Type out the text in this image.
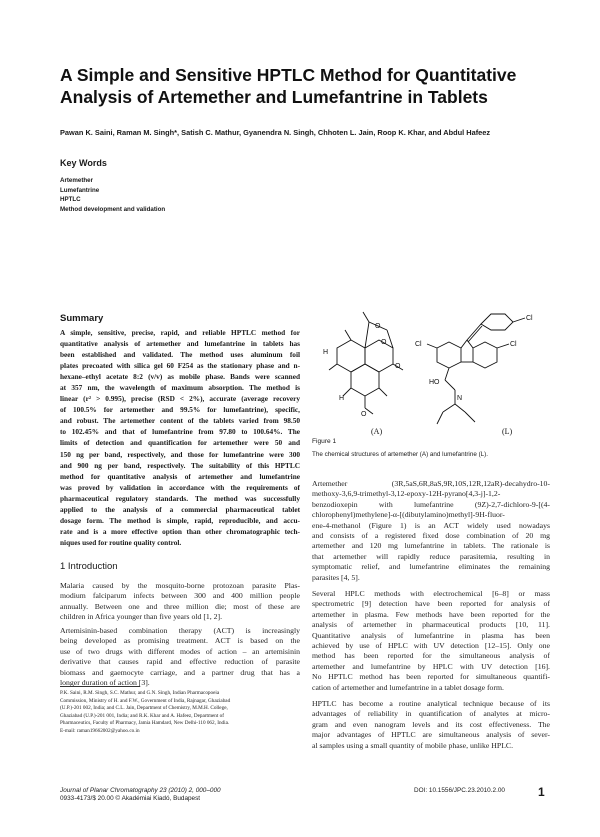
A Simple and Sensitive HPTLC Method for Quantitative
Analysis of Artemether and Lumefantrine in Tablets
Pawan K. Saini, Raman M. Singh*, Satish C. Mathur, Gyanendra N. Singh, Chhoten L. Jain, Roop K. Khar, and Abdul Hafeez
Key Words
Artemether
Lumefantrine
HPTLC
Method development and validation
Summary
A simple, sensitive, precise, rapid, and reliable HPTLC method for
quantitative analysis of artemether and lumefantrine in tablets has
been established and validated. The method uses aluminum foil
plates precoated with silica gel 60 F254 as the stationary phase and n-
hexane–ethyl acetate 8:2 (v/v) as mobile phase. Bands were scanned
at 357 nm, the wavelength of maximum absorption. The method is
linear (r² > 0.995), precise (RSD < 2%), accurate (average recovery
of 100.5% for artemether and 99.5% for lumefantrine), specific,
and robust. The artemether content of the tablets varied from 98.50
to 102.45% and that of lumefantrine from 97.80 to 100.64%. The
limits of detection and quantification for artemether were 50 and
150 ng per band, respectively, and those for lumefantrine were 300
and 900 ng per band, respectively. The suitability of this HPTLC
method for quantitative analysis of artemether and lumefantrine
was proved by validation in accordance with the requirements of
pharmaceutical regulatory standards. The method was successfully
applied to the analysis of a commercial pharmaceutical tablet
dosage form. The method is simple, rapid, reproducible, and accu-
rate and is a more effective option than other chromatographic tech-
niques used for routine quality control.
1 Introduction
Malaria caused by the mosquito-borne protozoan parasite Plas-
modium falciparum infects between 300 and 400 million people
annually. Between one and three million die; most of these are
children in Africa younger than five years old [1, 2].
Artemisinin-based combination therapy (ACT) is increasingly
being developed as promising treatment. ACT is based on the
use of two drugs with different modes of action – an artemisinin
derivative that causes rapid and effective reduction of parasite
biomass and gaemocyte carriage, and a partner drug that has a
longer duration of action [3].
P.K. Saini, R.M. Singh, S.C. Mathur, and G.N. Singh, Indian Pharmacopoeia
Commission, Ministry of H. and F.W., Government of India, Rajnagar, Ghaziabad
(U.P.)-201 002, India; and C.L. Jain, Department of Chemistry, M.M.H. College,
Ghaziabad (U.P.)-201 001, India; and R.K. Khar and A. Hafeez, Department of
Pharmaceutics, Faculty of Pharmacy, Jamia Hamdard, New Delhi-110 062, India.
E-mail: raman19662002@yahoo.co.in
H
H
O
O
O
O
(A)
Cl
Cl	Cl
HO
N
(L)
Figure 1
The chemical structures of artemether (A) and lumefantrine (L).
Artemether (3R,5aS,6R,8aS,9R,10S,12R,12aR)-decahydro-10-
methoxy-3,6,9-trimethyl-3,12-epoxy-12H-pyrano[4,3-j]-1,2-
benzodioxepin with lumefantrine (9Z)-2,7-dichloro-9-[(4-
chlorophenyl)methylene]-α-[(dibutylamino)methyl]-9H-fluor-
ene-4-methanol (Figure 1) is an ACT widely used nowadays
and consists of a registered fixed dose combination of 20 mg
artemether and 120 mg lumefantrine in tablets. The rationale is
that artemether will rapidly reduce parasitemia, resulting in
symptomatic relief, and lumefantrine eliminates the remaining
parasites [4, 5].
Several HPLC methods with electrochemical [6–8] or mass
spectrometric [9] detection have been reported for analysis of
artemether in plasma. Few methods have been reported for the
analysis of artemether in pharmaceutical products [10, 11].
Quantitative analysis of lumefantrine in plasma has been
achieved by use of HPLC with UV detection [12–15]. Only one
method has been reported for the simultaneous analysis of
artemether and lumefantrine by HPLC with UV detection [16].
No HPTLC method has been reported for simultaneous quantifi-
cation of artemether and lumefantrine in a tablet dosage form.
HPTLC has become a routine analytical technique because of its
advantages of reliability in quantification of analytes at micro-
gram and even nanogram levels and its cost effectiveness. The
major advantages of HPTLC are simultaneous analysis of sever-
al samples using a small quantity of mobile phase, unlike HPLC.
Journal of Planar Chromatography 23 (2010) 2, 000–000
0933-4173/$ 20.00 © Akadémiai Kiadó, Budapest
DOI: 10.1556/JPC.23.2010.2.00	1
